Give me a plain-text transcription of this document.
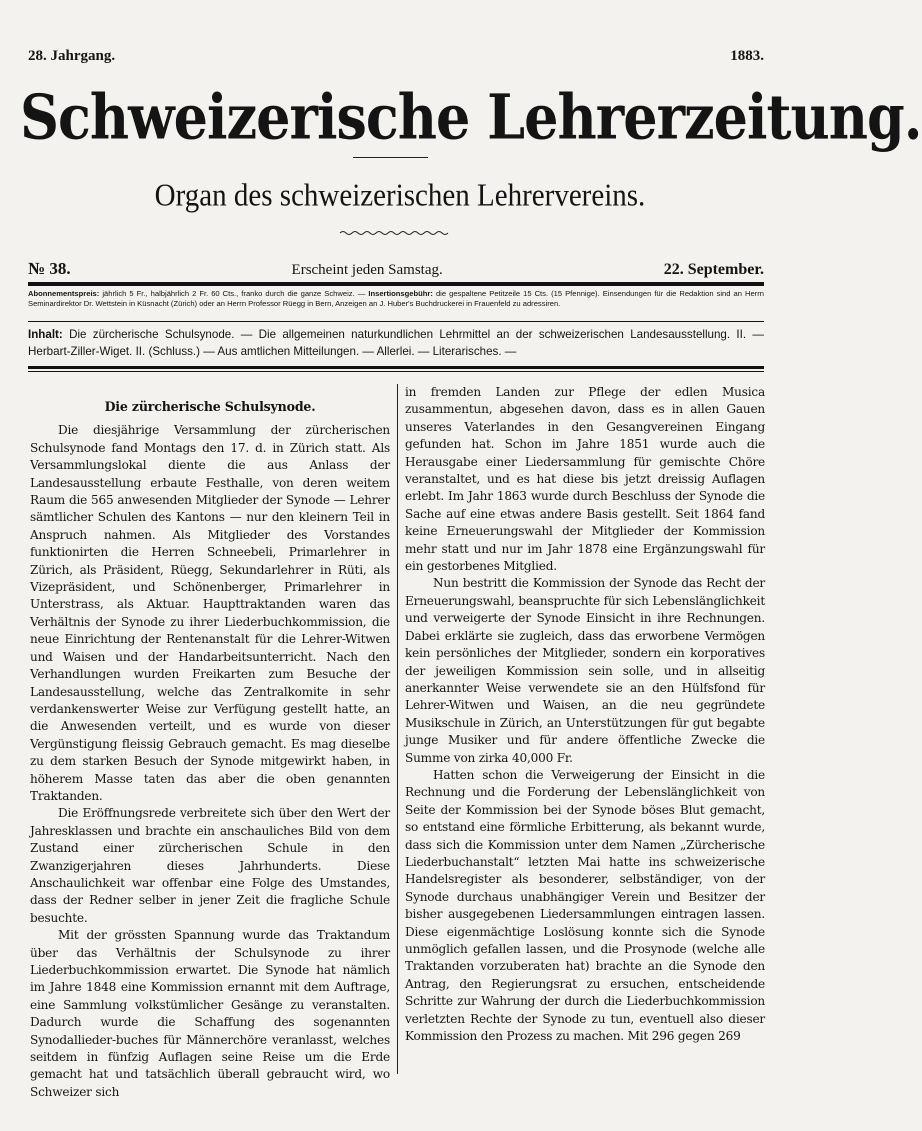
28. Jahrgang.	1883.
Schweizerische Lehrerzeitung.
Organ des schweizerischen Lehrervereins.
№ 38.	Erscheint jeden Samstag.	22. September.
Abonnementspreis: jährlich 5 Fr., halbjährlich 2 Fr. 60 Cts., franko durch die ganze Schweiz. — Insertionsgebühr: die gespaltene Petitzeile 15 Cts. (15 Pfennige). Einsendungen für die Redaktion sind an Herrn Seminardirektor Dr. Wettstein in Küsnacht (Zürich) oder an Herrn Professor Rüegg in Bern, Anzeigen an J. Huber's Buchdruckerei in Frauenfeld zu adressiren.
Inhalt: Die zürcherische Schulsynode. — Die allgemeinen naturkundlichen Lehrmittel an der schweizerischen Landesausstellung. II. — Herbart-Ziller-Wiget. II. (Schluss.) — Aus amtlichen Mitteilungen. — Allerlei. — Literarisches. —
Die zürcherische Schulsynode.

Die diesjährige Versammlung der zürcherischen Schulsynode fand Montags den 17. d. in Zürich statt. Als Versammlungslokal diente die aus Anlass der Landesausstellung erbaute Festhalle, von deren weitem Raum die 565 anwesenden Mitglieder der Synode — Lehrer sämtlicher Schulen des Kantons — nur den kleinern Teil in Anspruch nahmen. Als Mitglieder des Vorstandes funktionirten die Herren Schneebeli, Primarlehrer in Zürich, als Präsident, Rüegg, Sekundarlehrer in Rüti, als Vizepräsident, und Schönenberger, Primarlehrer in Unterstrass, als Aktuar. Haupttraktanden waren das Verhältnis der Synode zu ihrer Liederbuchkommission, die neue Einrichtung der Rentenanstalt für die Lehrer-Witwen und Waisen und der Handarbeitsunterricht. Nach den Verhandlungen wurden Freikarten zum Besuche der Landesausstellung, welche das Zentralkomite in sehr verdankenswerter Weise zur Verfügung gestellt hatte, an die Anwesenden verteilt, und es wurde von dieser Vergünstigung fleissig Gebrauch gemacht. Es mag dieselbe zu dem starken Besuch der Synode mitgewirkt haben, in höherem Masse taten das aber die oben genannten Traktanden.

Die Eröffnungsrede verbreitete sich über den Wert der Jahresklassen und brachte ein anschauliches Bild von dem Zustand einer zürcherischen Schule in den Zwanzigerjahren dieses Jahrhunderts. Diese Anschaulichkeit war offenbar eine Folge des Umstandes, dass der Redner selber in jener Zeit die fragliche Schule besuchte.

Mit der grössten Spannung wurde das Traktandum über das Verhältnis der Schulsynode zu ihrer Liederbuchkommission erwartet. Die Synode hat nämlich im Jahre 1848 eine Kommission ernannt mit dem Auftrage, eine Sammlung volkstümlicher Gesänge zu veranstalten. Dadurch wurde die Schaffung des sogenannten Synodallieder-buches für Männerchöre veranlasst, welches seitdem in fünfzig Auflagen seine Reise um die Erde gemacht hat und tatsächlich überall gebraucht wird, wo Schweizer sich

in fremden Landen zur Pflege der edlen Musica zusammentun, abgesehen davon, dass es in allen Gauen unseres Vaterlandes in den Gesangvereinen Eingang gefunden hat. Schon im Jahre 1851 wurde auch die Herausgabe einer Liedersammlung für gemischte Chöre veranstaltet, und es hat diese bis jetzt dreissig Auflagen erlebt. Im Jahr 1863 wurde durch Beschluss der Synode die Sache auf eine etwas andere Basis gestellt. Seit 1864 fand keine Erneuerungswahl der Mitglieder der Kommission mehr statt und nur im Jahr 1878 eine Ergänzungswahl für ein gestorbenes Mitglied.

Nun bestritt die Kommission der Synode das Recht der Erneuerungswahl, beanspruchte für sich Lebenslänglichkeit und verweigerte der Synode Einsicht in ihre Rechnungen. Dabei erklärte sie zugleich, dass das erworbene Vermögen kein persönliches der Mitglieder, sondern ein korporatives der jeweiligen Kommission sein solle, und in allseitig anerkannter Weise verwendete sie an den Hülfsfond für Lehrer-Witwen und Waisen, an die neu gegründete Musikschule in Zürich, an Unterstützungen für gut begabte junge Musiker und für andere öffentliche Zwecke die Summe von zirka 40,000 Fr.

Hatten schon die Verweigerung der Einsicht in die Rechnung und die Forderung der Lebenslänglichkeit von Seite der Kommission bei der Synode böses Blut gemacht, so entstand eine förmliche Erbitterung, als bekannt wurde, dass sich die Kommission unter dem Namen „Zürcherische Liederbuchanstalt“ letzten Mai hatte ins schweizerische Handelsregister als besonderer, selbständiger, von der Synode durchaus unabhängiger Verein und Besitzer der bisher ausgegebenen Liedersammlungen eintragen lassen. Diese eigenmächtige Loslösung konnte sich die Synode unmöglich gefallen lassen, und die Prosynode (welche alle Traktanden vorzuberaten hat) brachte an die Synode den Antrag, den Regierungsrat zu ersuchen, entscheidende Schritte zur Wahrung der durch die Liederbuchkommission verletzten Rechte der Synode zu tun, eventuell also dieser Kommission den Prozess zu machen. Mit 296 gegen 269
